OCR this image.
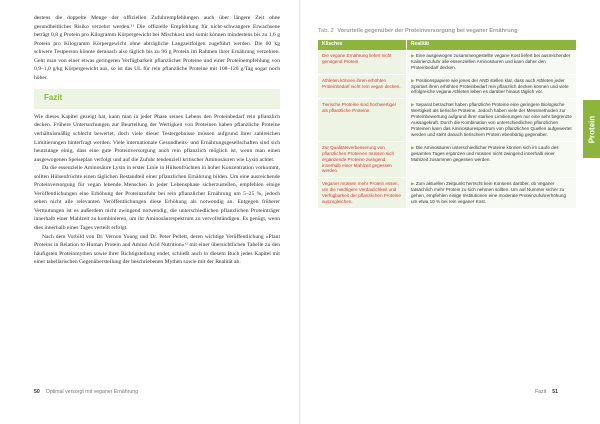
destens die doppelte Menge der offiziellen Zufuhrempfehlungen auch über längere Zeit ohne gesundheitliches Risiko verzehrt werden.¹¹ Die offizielle Empfehlung für nicht-schwangere Erwachsene beträgt 0,8 g Protein pro Kilogramm Körpergewicht bei Mischkost und somit können mindestens bis zu 1,6 g Protein pro Kilogramm Körpergewicht ohne abträgliche Langzeitfolgen zugeführt werden. Die 60 kg schwere Testperson könnte demnach also täglich bis zu 96 g Protein im Rahmen ihrer Ernährung verzehren. Geht man von einer etwas geringeren Verfügbarkeit pflanzlicher Proteine und einer Proteinempfehlung von 0,9–1,0 g/kg Körpergewicht aus, so ist das UL für rein pflanzliche Proteine mit 108–120 g/Tag sogar noch höher.

Fazit

Wie dieses Kapitel gezeigt hat, kann man in jeder Phase seines Lebens den Proteinbedarf rein pflanzlich decken. Frühere Untersuchungen zur Beurteilung der Wertigkeit von Proteinen haben pflanzliche Proteine verhältnismäßig schlecht bewertet, doch viele dieser Testergebnisse müssen aufgrund ihrer zahlreichen Limitierungen hinterfragt werden. Viele internationale Gesundheits- und Ernährungsgesellschaften sind sich heutzutage einig, dass eine gute Proteinversorgung auch rein pflanzlich möglich ist, wenn man einen ausgewogenen Speiseplan verfolgt und auf die Zufuhr tendenziell kritischer Aminosäuren wie Lysin achtet.

Da die essenzielle Aminosäure Lysin in erster Linie in Hülsenfrüchten in hoher Konzentration vorkommt, sollten Hülsenfrüchte einen täglichen Bestandteil einer pflanzlichen Ernährung bilden. Um eine ausreichende Proteinversorgung für vegan lebende Menschen in jeder Lebensphase sicherzustellen, empfehlen einige Veröffentlichungen eine Erhöhung der Proteinzufuhr bei rein pflanzlicher Ernährung um 5–25 %, jedoch sehen nicht alle relevanten Veröffentlichungen diese Erhöhung als notwendig an. Entgegen früherer Vermutungen ist es außerdem nicht zwingend notwendig, die unterschiedlichen pflanzlichen Proteinträger innerhalb einer Mahlzeit zu kombinieren, um ihr Aminosäurespektrum zu vervollständigen. Es genügt, wenn dies innerhalb eines Tages verteilt erfolgt.

Nach dem Vorbild von Dr. Vernon Young und Dr. Peter Pellett, deren wichtige Veröffentlichung »Plant Proteins in Relation to Human Protein and Amino Acid Nutrition«¹² mit einer übersichtlichen Tabelle zu den häufigsten Proteinmythen sowie ihrer Richtigstellung endet, schließt auch in diesem Buch jedes Kapitel mit einer tabellarischen Gegenüberstellung der beschriebenen Mythen sowie mit der Realität ab.

50 Optimal versorgt mit veganer Ernährung
Tab. 2 Vorurteile gegenüber der Proteinversorgung bei veganer Ernährung
Klischee	Realität
Die vegane Ernährung liefert nicht genügend Protein.	▶ Eine ausgewogen zusammengestellte vegane Kost liefert bei ausreichender Kalorienzufuhr alle essenziellen Aminosäuren und kann daher den Proteinbedarf decken.
Athleten können ihren erhöhten Proteinbedarf nicht rein vegan decken.	▶ Positionspapiere wie jenes der AND stellen klar, dass auch Athleten jeder Sportart ihren erhöhten Proteinbedarf rein pflanzlich decken können und viele erfolgreiche vegane Athleten leben es darüber hinaus täglich vor.
Tierische Proteine sind hochwertiger als pflanzliche Proteine.	▶ Separat betrachtet haben pflanzliche Proteine eine geringere Biologische Wertigkeit als tierische Proteine. Jedoch haben viele der Messmethoden zur Proteinbewertung aufgrund ihrer starken Limitierungen nur eine sehr begrenzte Aussagekraft. Durch die Kombination von unterschiedlichen pflanzlichen Proteinen kann das Aminosäurespektrum von pflanzlichen Quellen aufgewertet werden und steht danach tierischem Protein ebenbürtig gegenüber.
Zur Qualitätsverbesserung von pflanzlichen Proteinen müssen sich ergänzende Proteine zwingend innerhalb einer Mahlzeit gegessen werden.	▶ Die Aminosäuren unterschiedlicher Proteine können sich im Laufe des gesamten Tages ergänzen und müssen nicht zwingend innerhalb einer Mahlzeit zusammen gegessen werden.
Veganer müssen mehr Protein essen, um die niedrigere Verdaulichkeit und Verfügbarkeit der pflanzlichen Proteine auszugleichen.	▶ Zum aktuellen Zeitpunkt herrscht kein Konsens darüber, ob Veganer tatsächlich mehr Protein zu sich nehmen sollten. Um auf Nummer sicher zu gehen, empfehlen einige Institutionen eine moderate Proteinzufuhrerhöhung um etwa 10 % bei rein veganer Kost.
Protein
Fazit 51
